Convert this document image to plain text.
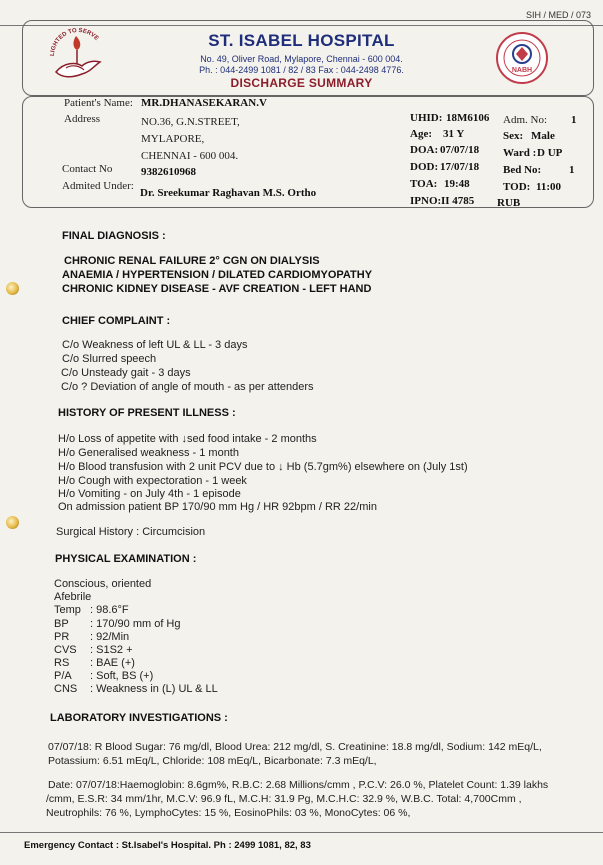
SIH / MED / 073
LIGHTED TO SERVE
NABH
ST. ISABEL HOSPITAL
No. 49, Oliver Road, Mylapore, Chennai - 600 004.
Ph. : 044-2499 1081 / 82 / 83 Fax : 044-2498 4776.
DISCHARGE SUMMARY
Patient's Name: MR.DHANASEKARAN.V
Address	NO.36, G.N.STREET,
MYLAPORE,
CHENNAI - 600 004.
Contact No	9382610968
Admited Under:
Dr. Sreekumar Raghavan M.S. Ortho
UHID: 18M6106 Adm. No: 1
Age: 31 Y	Sex: Male
DOA: 07/07/18 Ward : D UP
DOD: 17/07/18 Bed No:	1
TOA: 19:48	TOD: 11:00
IPNO: II 4785 RUB
FINAL DIAGNOSIS :
CHRONIC RENAL FAILURE 2° CGN ON DIALYSIS
ANAEMIA / HYPERTENSION / DILATED CARDIOMYOPATHY
CHRONIC KIDNEY DISEASE - AVF CREATION - LEFT HAND
CHIEF COMPLAINT :
C/o Weakness of left UL & LL - 3 days
C/o Slurred speech
C/o Unsteady gait - 3 days
C/o ? Deviation of angle of mouth - as per attenders
HISTORY OF PRESENT ILLNESS :
H/o Loss of appetite with ↓sed food intake - 2 months
H/o Generalised weakness - 1 month
H/o Blood transfusion with 2 unit PCV due to ↓ Hb (5.7gm%) elsewhere on (July 1st)
H/o Cough with expectoration - 1 week
H/o Vomiting - on July 4th - 1 episode
On admission patient BP 170/90 mm Hg / HR 92bpm / RR 22/min
Surgical History : Circumcision
PHYSICAL EXAMINATION :
Conscious, oriented
Afebrile
Temp : 98.6°F
BP : 170/90 mm of Hg
PR : 92/Min
CVS : S1S2 +
RS : BAE (+)
P/A : Soft, BS (+)
CNS : Weakness in (L) UL & LL
LABORATORY INVESTIGATIONS :
07/07/18: R Blood Sugar: 76 mg/dl, Blood Urea: 212 mg/dl, S. Creatinine: 18.8 mg/dl, Sodium: 142 mEq/L,
Potassium: 6.51 mEq/L, Chloride: 108 mEq/L, Bicarbonate: 7.3 mEq/L,
Date: 07/07/18:Haemoglobin: 8.6gm%, R.B.C: 2.68 Millions/cmm , P.C.V: 26.0 %, Platelet Count: 1.39 lakhs
/cmm, E.S.R: 34 mm/1hr, M.C.V: 96.9 fL, M.C.H: 31.9 Pg, M.C.H.C: 32.9 %, W.B.C. Total: 4,700Cmm ,
Neutrophils: 76 %, LymphoCytes: 15 %, EosinoPhils: 03 %, MonoCytes: 06 %,
Emergency Contact : St.Isabel's Hospital. Ph : 2499 1081, 82, 83
